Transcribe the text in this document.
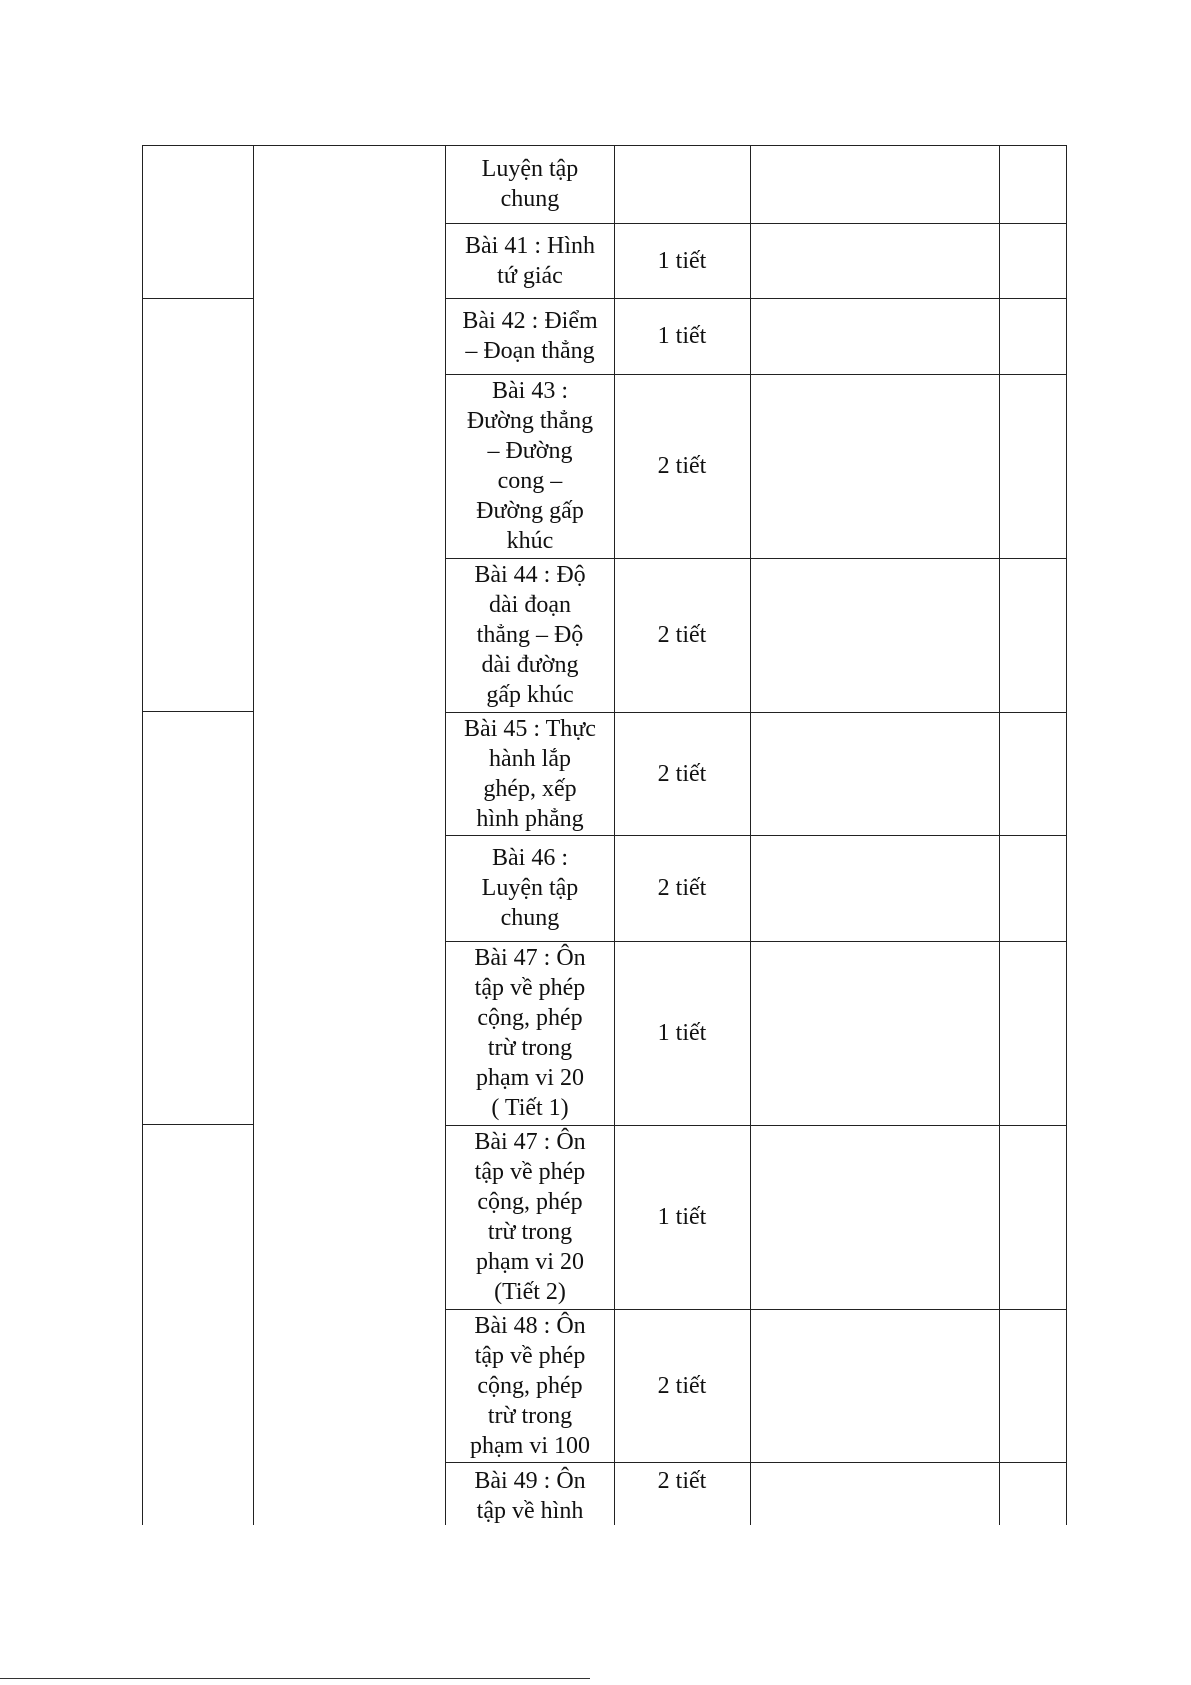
Luyện tập
chung
Bài 41 : Hình
tứ giác
1 tiết
Bài 42 : Điểm
– Đoạn thẳng
1 tiết
Bài 43 :
Đường thẳng
– Đường
cong –
Đường gấp
khúc
2 tiết
Bài 44 : Độ
dài đoạn
thẳng – Độ
dài đường
gấp khúc
2 tiết
Bài 45 : Thực
hành lắp
ghép, xếp
hình phẳng
2 tiết
Bài 46 :
Luyện tập
chung
2 tiết
Bài 47 : Ôn
tập về phép
cộng, phép
trừ trong
phạm vi 20
( Tiết 1)
1 tiết
Bài 47 : Ôn
tập về phép
cộng, phép
trừ trong
phạm vi 20
(Tiết 2)
1 tiết
Bài 48 : Ôn
tập về phép
cộng, phép
trừ trong
phạm vi 100
2 tiết
Bài 49 : Ôn
tập về hình
2 tiết
